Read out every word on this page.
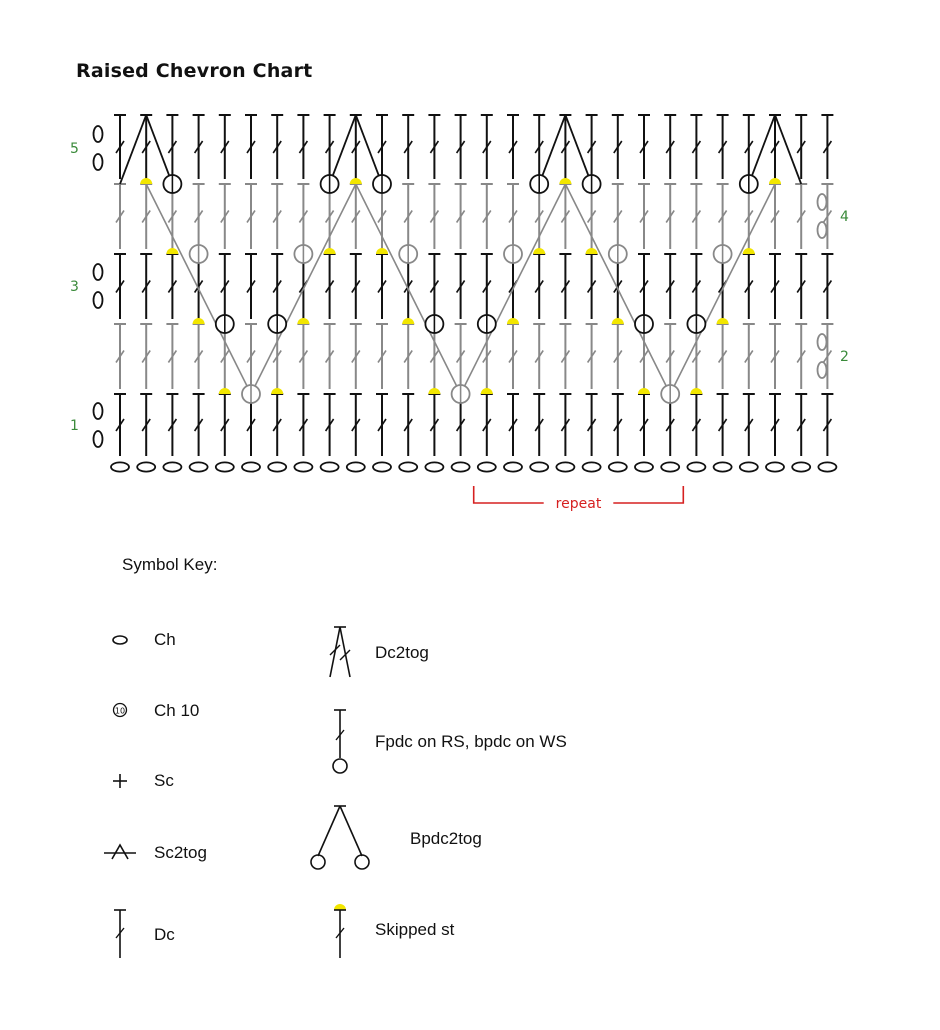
Raised Chevron Chart
1
2
3
4
5
repeat
Symbol Key:
Ch
Ch 10
Sc
Sc2tog
Dc
Dc2tog
Fpdc on RS, bpdc on WS
Bpdc2tog
Skipped st
10
